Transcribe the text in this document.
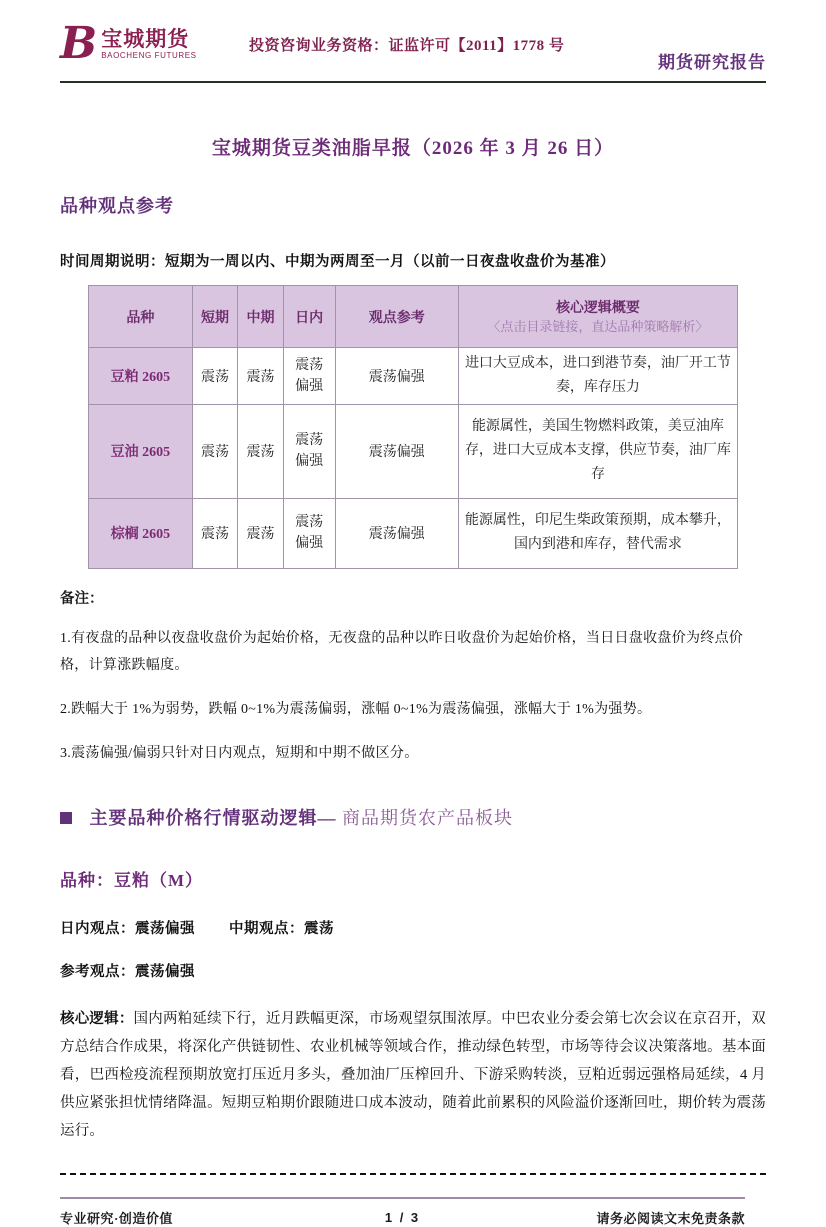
B 宝城期货
BAOCHENG FUTURES
投资咨询业务资格：证监许可【2011】1778 号
期货研究报告
宝城期货豆类油脂早报（2026 年 3 月 26 日）
品种观点参考
时间周期说明：短期为一周以内、中期为两周至一月（以前一日夜盘收盘价为基准）
品种	短期	中期	日内	观点参考	核心逻辑概要
〈点击目录链接，直达品种策略解析〉

豆粕 2605	震荡	震荡	震荡偏强	震荡偏强	进口大豆成本，进口到港节奏，油厂开工节奏，库存压力
豆油 2605	震荡	震荡	震荡偏强	震荡偏强	能源属性，美国生物燃料政策，美豆油库存，进口大豆成本支撑，供应节奏，油厂库存
棕榈 2605	震荡	震荡	震荡偏强	震荡偏强	能源属性，印尼生柴政策预期，成本攀升，国内到港和库存，替代需求
备注：
1.有夜盘的品种以夜盘收盘价为起始价格，无夜盘的品种以昨日收盘价为起始价格，当日日盘收盘价为终点价格，计算涨跌幅度。
2.跌幅大于 1%为弱势，跌幅 0~1%为震荡偏弱，涨幅 0~1%为震荡偏强，涨幅大于 1%为强势。
3.震荡偏强/偏弱只针对日内观点，短期和中期不做区分。
主要品种价格行情驱动逻辑— 商品期货农产品板块
品种：豆粕（M）
日内观点：震荡偏强 中期观点：震荡
参考观点：震荡偏强
核心逻辑：国内两粕延续下行，近月跌幅更深，市场观望氛围浓厚。中巴农业分委会第七次会议在京召开，双方总结合作成果，将深化产供链韧性、农业机械等领域合作，推动绿色转型，市场等待会议决策落地。基本面看，巴西检疫流程预期放宽打压近月多头，叠加油厂压榨回升、下游采购转淡，豆粕近弱远强格局延续，4 月供应紧张担忧情绪降温。短期豆粕期价跟随进口成本波动，随着此前累积的风险溢价逐渐回吐，期价转为震荡运行。
专业研究·创造价值	1 / 3	请务必阅读文末免责条款
